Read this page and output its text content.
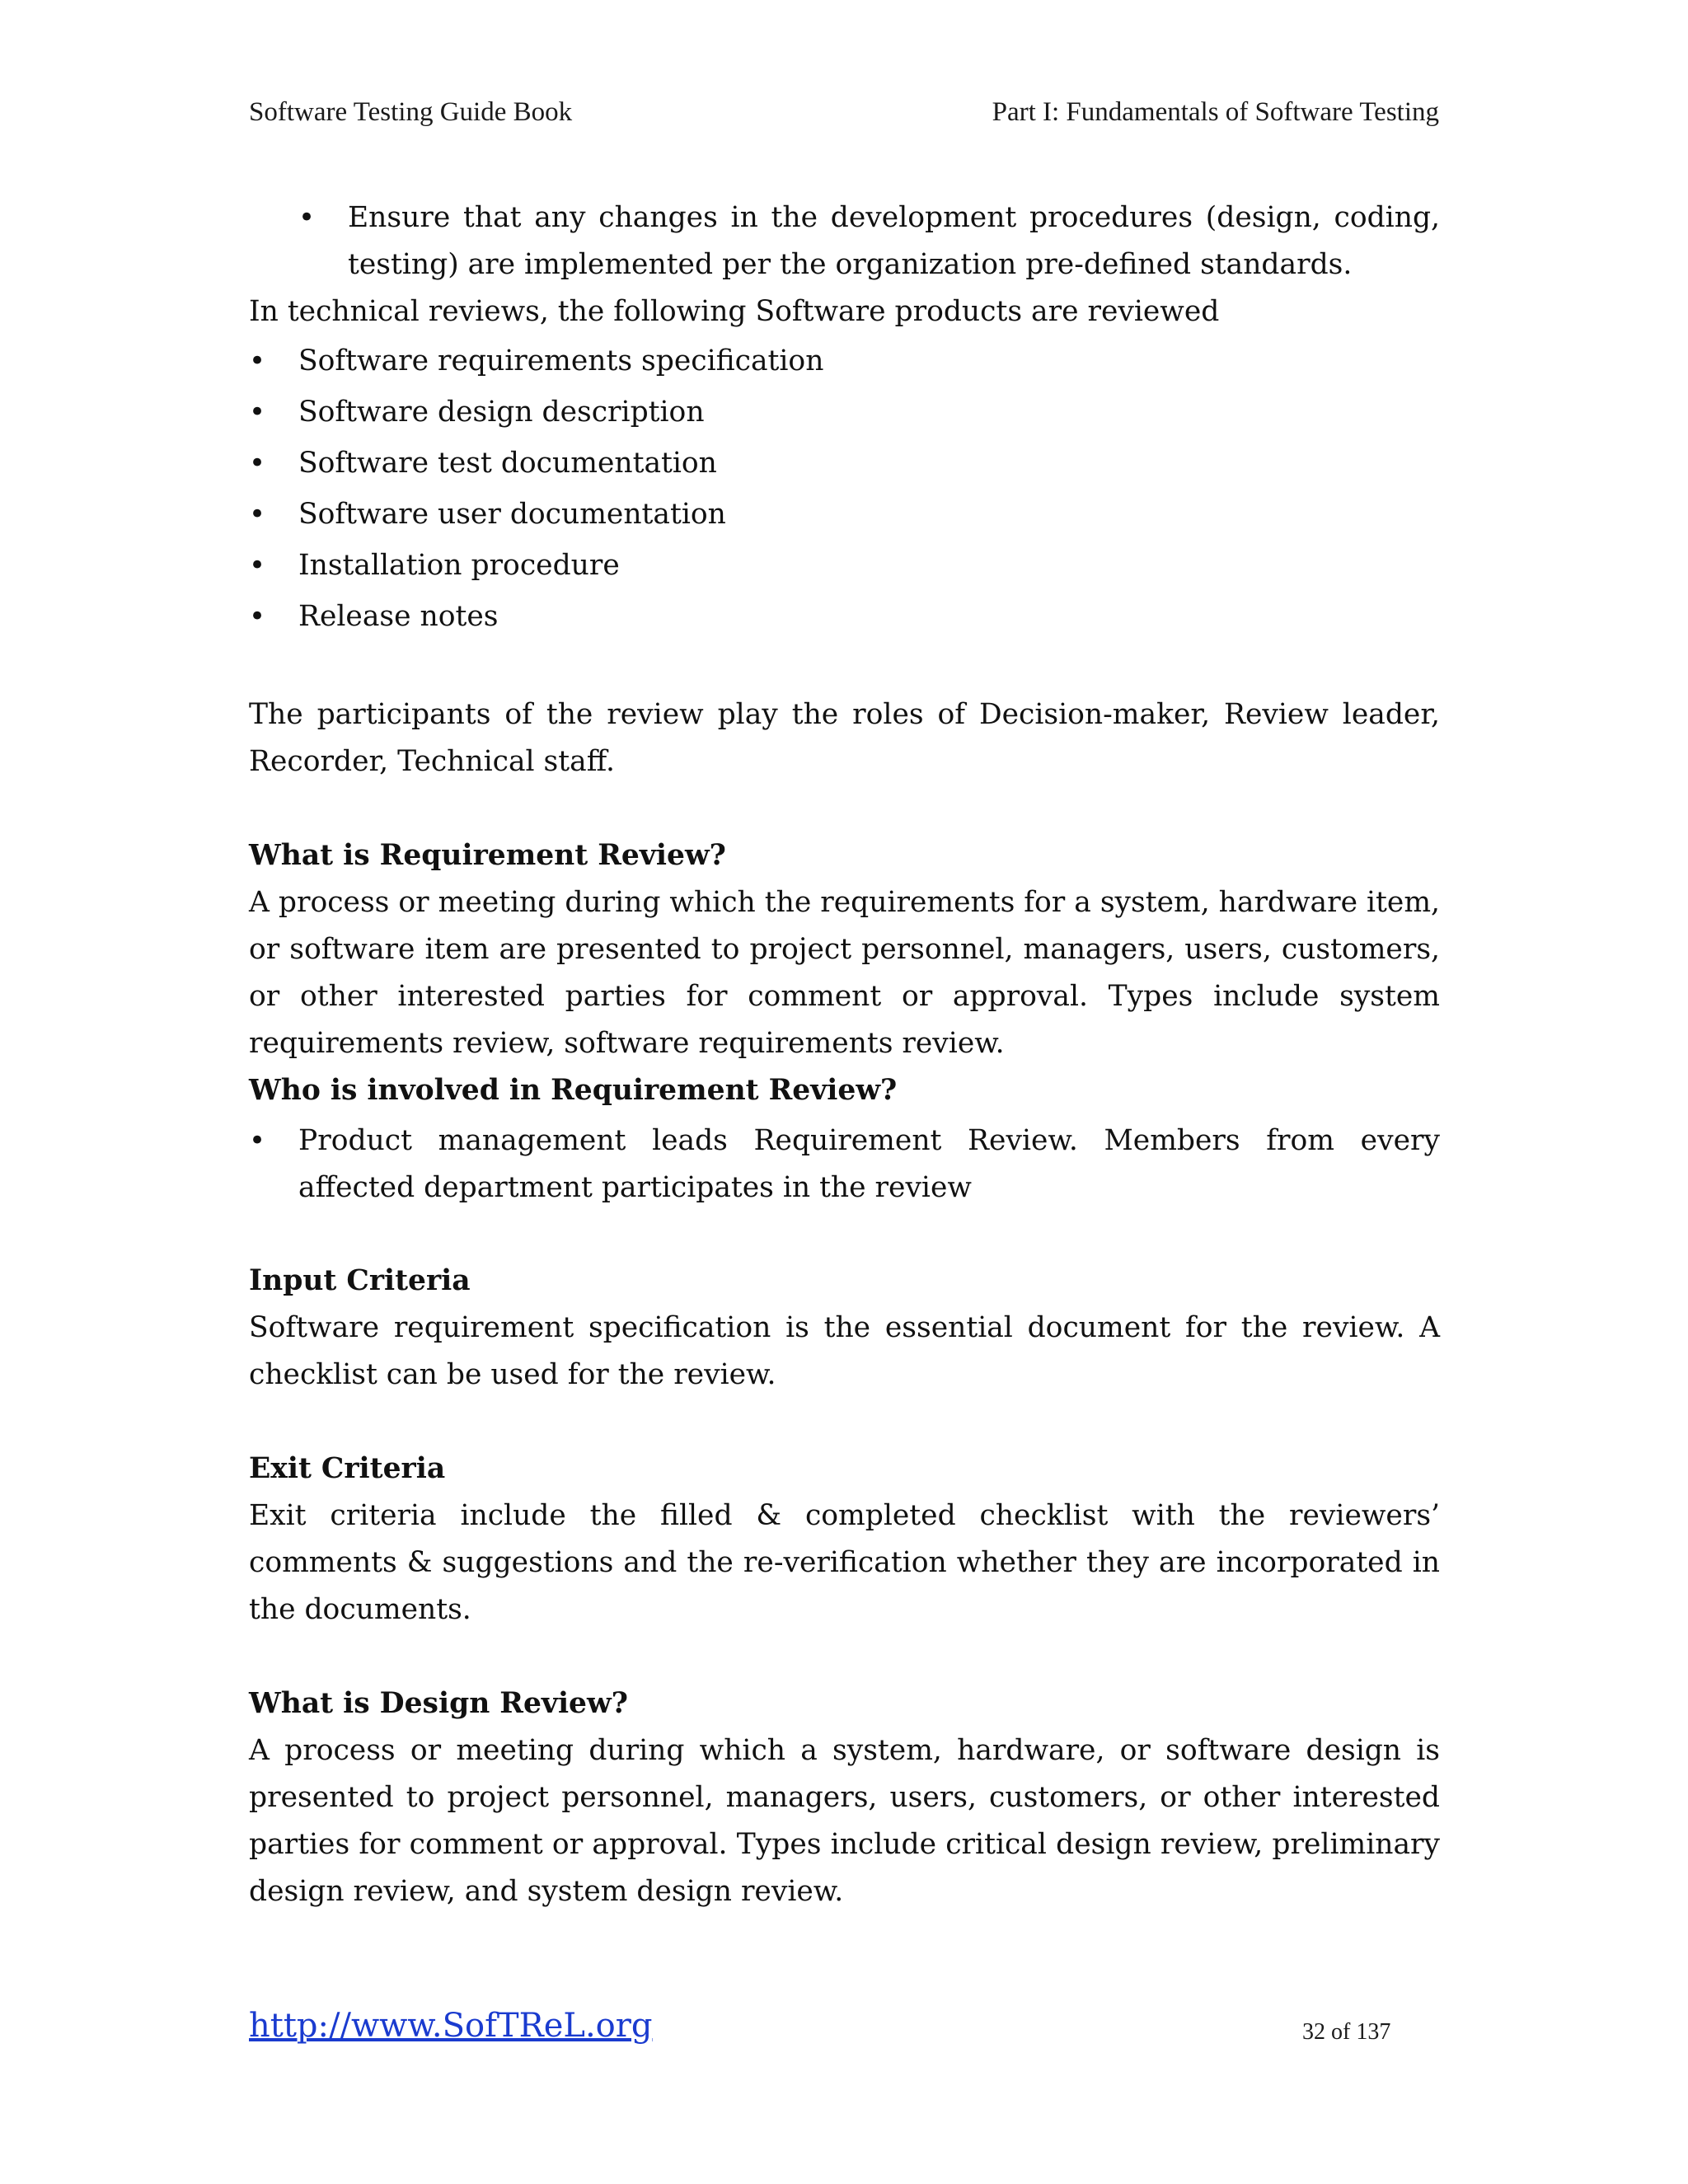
Software Testing Guide Book	Part I: Fundamentals of Software Testing
• Ensure that any changes in the development procedures (design, coding, testing) are implemented per the organization pre-defined standards.

In technical reviews, the following Software products are reviewed

• Software requirements specification
• Software design description
• Software test documentation
• Software user documentation
• Installation procedure
• Release notes

The participants of the review play the roles of Decision-maker, Review leader, Recorder, Technical staff.

What is Requirement Review?

A process or meeting during which the requirements for a system, hardware item, or software item are presented to project personnel, managers, users, customers, or other interested parties for comment or approval. Types include system requirements review, software requirements review.

Who is involved in Requirement Review?

• Product management leads Requirement Review. Members from every affected department participates in the review

Input Criteria

Software requirement specification is the essential document for the review. A checklist can be used for the review.

Exit Criteria

Exit criteria include the filled & completed checklist with the reviewers’ comments & suggestions and the re-verification whether they are incorporated in the documents.

What is Design Review?

A process or meeting during which a system, hardware, or software design is presented to project personnel, managers, users, customers, or other interested parties for comment or approval. Types include critical design review, preliminary design review, and system design review.

http://www.SofTReL.org	32 of 137
